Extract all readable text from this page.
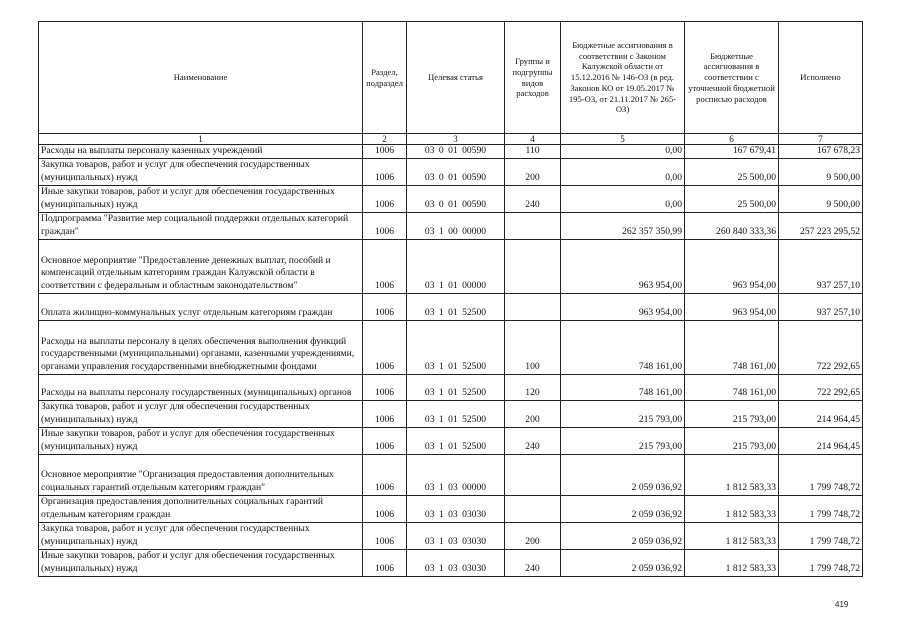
Наименование	Раздел, подраздел	Целевая статья	Группы и подгруппы видов расходов	Бюджетные ассигнования в соответствии с Законом Калужской области от 15.12.2016 № 146-ОЗ (в ред. Законов КО от 19.05.2017 № 195-ОЗ, от 21.11.2017 № 265-ОЗ)	Бюджетные ассигнования в соответствии с уточненной бюджетной росписью расходов	Исполнено
1	2	3	4	5	6	7
Расходы на выплаты персоналу казенных учреждений	1006	03 0 01 00590	110	0,00	167 679,41	167 678,23
Закупка товаров, работ и услуг для обеспечения государственных (муниципальных) нужд	1006	03 0 01 00590	200	0,00	25 500,00	9 500,00
Иные закупки товаров, работ и услуг для обеспечения государственных (муниципальных) нужд	1006	03 0 01 00590	240	0,00	25 500,00	9 500,00
Подпрограмма "Развитие мер социальной поддержки отдельных категорий граждан"	1006	03 1 00 00000		262 357 350,99	260 840 333,36	257 223 295,52
Основное мероприятие "Предоставление денежных выплат, пособий и компенсаций отдельным категориям граждан Калужской области в соответствии с федеральным и областным законодательством"	1006	03 1 01 00000		963 954,00	963 954,00	937 257,10
Оплата жилищно-коммунальных услуг отдельным категориям граждан	1006	03 1 01 52500		963 954,00	963 954,00	937 257,10
Расходы на выплаты персоналу в целях обеспечения выполнения функций государственными (муниципальными) органами, казенными учреждениями, органами управления государственными внебюджетными фондами	1006	03 1 01 52500	100	748 161,00	748 161,00	722 292,65
Расходы на выплаты персоналу государственных (муниципальных) органов	1006	03 1 01 52500	120	748 161,00	748 161,00	722 292,65
Закупка товаров, работ и услуг для обеспечения государственных (муниципальных) нужд	1006	03 1 01 52500	200	215 793,00	215 793,00	214 964,45
Иные закупки товаров, работ и услуг для обеспечения государственных (муниципальных) нужд	1006	03 1 01 52500	240	215 793,00	215 793,00	214 964,45
Основное мероприятие "Организация предоставления дополнительных социальных гарантий отдельным категориям граждан"	1006	03 1 03 00000		2 059 036,92	1 812 583,33	1 799 748,72
Организация предоставления дополнительных социальных гарантий отдельным категориям граждан	1006	03 1 03 03030		2 059 036,92	1 812 583,33	1 799 748,72
Закупка товаров, работ и услуг для обеспечения государственных (муниципальных) нужд	1006	03 1 03 03030	200	2 059 036,92	1 812 583,33	1 799 748,72
Иные закупки товаров, работ и услуг для обеспечения государственных (муниципальных) нужд	1006	03 1 03 03030	240	2 059 036,92	1 812 583,33	1 799 748,72
419
